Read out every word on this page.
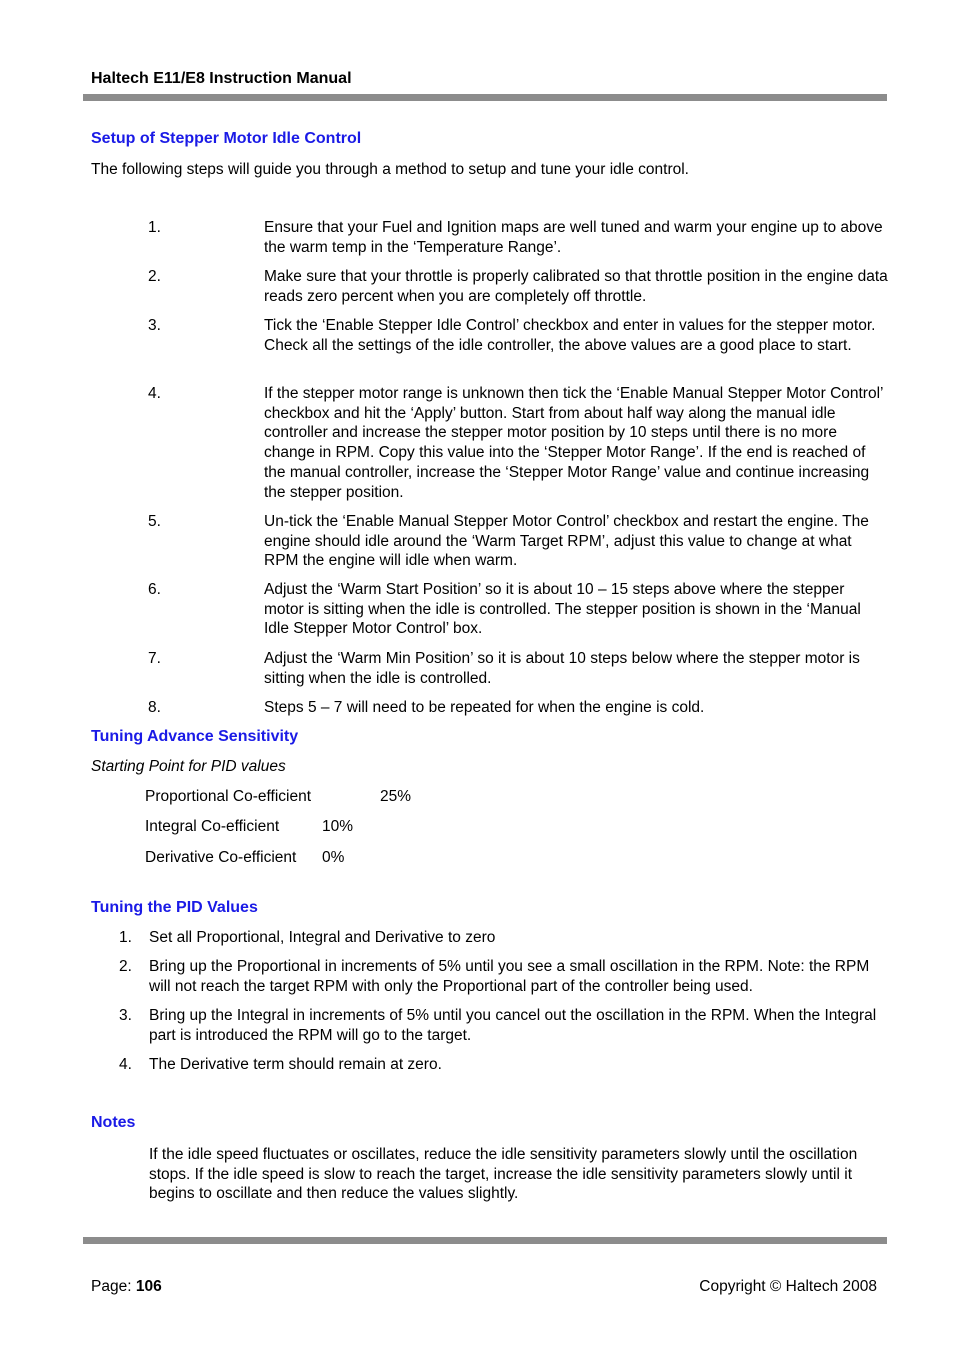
Haltech E11/E8 Instruction Manual
Setup of Stepper Motor Idle Control
The following steps will guide you through a method to setup and tune your idle control.
1.	Ensure that your Fuel and Ignition maps are well tuned and warm your engine up to above the warm temp in the ‘Temperature Range’.
2.	Make sure that your throttle is properly calibrated so that throttle position in the engine data reads zero percent when you are completely off throttle.
3.	Tick the ‘Enable Stepper Idle Control’ checkbox and enter in values for the stepper motor. Check all the settings of the idle controller, the above values are a good place to start.
4.	If the stepper motor range is unknown then tick the ‘Enable Manual Stepper Motor Control’ checkbox and hit the ‘Apply’ button. Start from about half way along the manual idle controller and increase the stepper motor position by 10 steps until there is no more change in RPM. Copy this value into the ‘Stepper Motor Range’. If the end is reached of the manual controller, increase the ‘Stepper Motor Range’ value and continue increasing the stepper position.
5.	Un-tick the ‘Enable Manual Stepper Motor Control’ checkbox and restart the engine. The engine should idle around the ‘Warm Target RPM’, adjust this value to change at what RPM the engine will idle when warm.
6.	Adjust the ‘Warm Start Position’ so it is about 10 – 15 steps above where the stepper motor is sitting when the idle is controlled. The stepper position is shown in the ‘Manual Idle Stepper Motor Control’ box.
7.	Adjust the ‘Warm Min Position’ so it is about 10 steps below where the stepper motor is sitting when the idle is controlled.
8.	Steps 5 – 7 will need to be repeated for when the engine is cold.
Tuning Advance Sensitivity
Starting Point for PID values
Proportional Co-efficient	25%
Integral Co-efficient	10%
Derivative Co-efficient 0%
Tuning the PID Values
1. Set all Proportional, Integral and Derivative to zero
2. Bring up the Proportional in increments of 5% until you see a small oscillation in the RPM. Note: the RPM will not reach the target RPM with only the Proportional part of the controller being used.
3. Bring up the Integral in increments of 5% until you cancel out the oscillation in the RPM. When the Integral part is introduced the RPM will go to the target.
4. The Derivative term should remain at zero.
Notes
If the idle speed fluctuates or oscillates, reduce the idle sensitivity parameters slowly until the oscillation stops. If the idle speed is slow to reach the target, increase the idle sensitivity parameters slowly until it begins to oscillate and then reduce the values slightly.
Page: 106	Copyright © Haltech 2008
